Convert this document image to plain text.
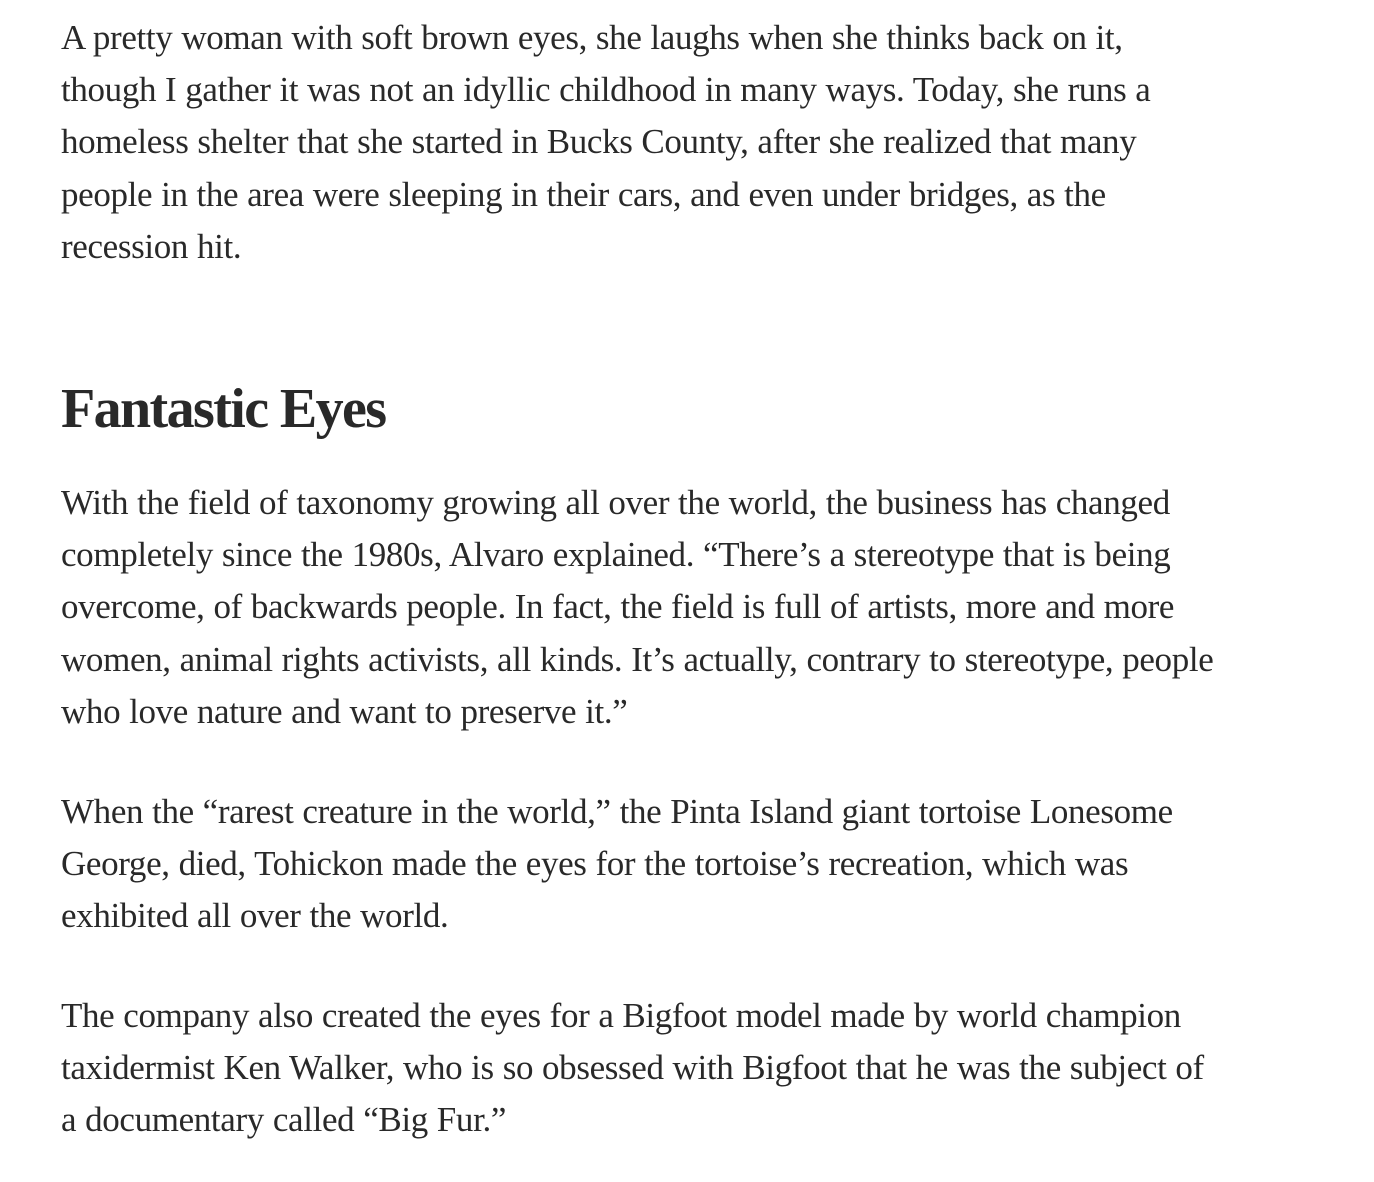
A pretty woman with soft brown eyes, she laughs when she thinks back on it,
though I gather it was not an idyllic childhood in many ways. Today, she runs a
homeless shelter that she started in Bucks County, after she realized that many
people in the area were sleeping in their cars, and even under bridges, as the
recession hit.

Fantastic Eyes

With the field of taxonomy growing all over the world, the business has changed
completely since the 1980s, Alvaro explained. “There’s a stereotype that is being
overcome, of backwards people. In fact, the field is full of artists, more and more
women, animal rights activists, all kinds. It’s actually, contrary to stereotype, people
who love nature and want to preserve it.”

When the “rarest creature in the world,” the Pinta Island giant tortoise Lonesome
George, died, Tohickon made the eyes for the tortoise’s recreation, which was
exhibited all over the world.

The company also created the eyes for a Bigfoot model made by world champion
taxidermist Ken Walker, who is so obsessed with Bigfoot that he was the subject of
a documentary called “Big Fur.”
